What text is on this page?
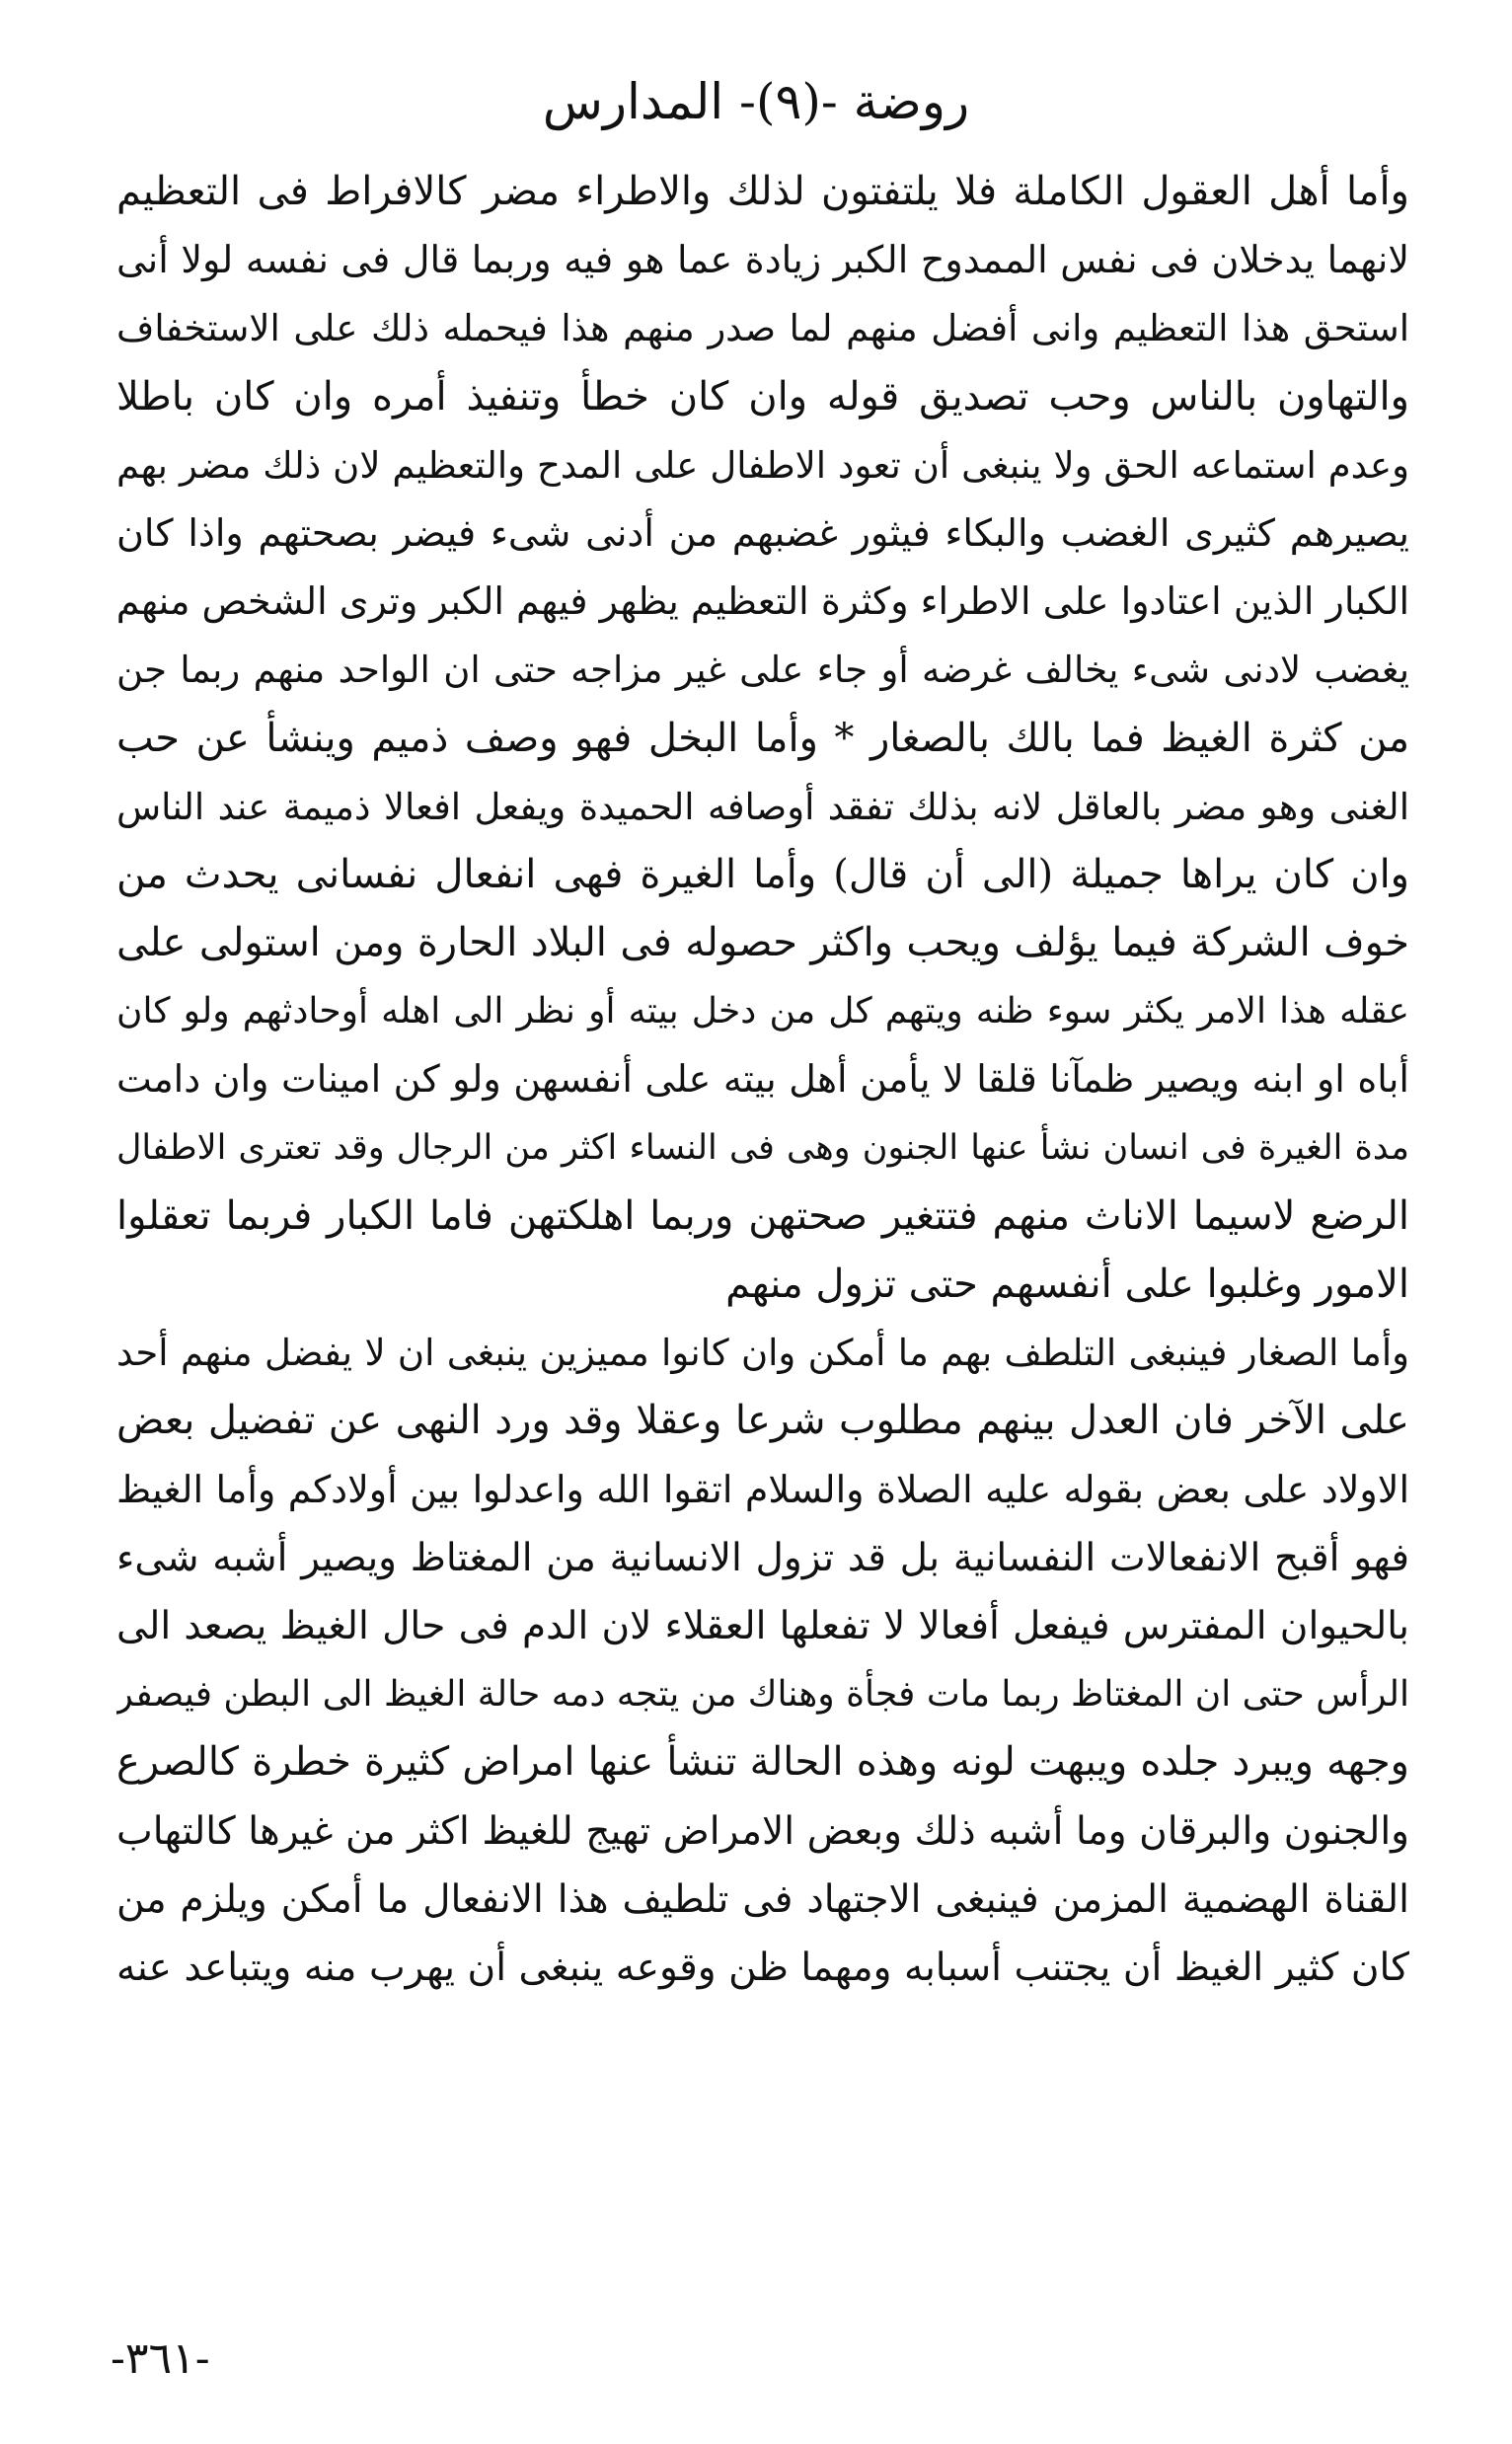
روضة -(٩)- المدارس
وأما أهل العقول الكاملة فلا يلتفتون لذلك والاطراء مضر كالافراط فى التعظيم
لانهما يدخلان فى نفس الممدوح الكبر زيادة عما هو فيه وربما قال فى نفسه لولا أنى
استحق هذا التعظيم وانى أفضل منهم لما صدر منهم هذا فيحمله ذلك على الاستخفاف
والتهاون بالناس وحب تصديق قوله وان كان خطأ وتنفيذ أمره وان كان باطلا
وعدم استماعه الحق ولا ينبغى أن تعود الاطفال على المدح والتعظيم لان ذلك مضر بهم
يصيرهم كثيرى الغضب والبكاء فيثور غضبهم من أدنى شىء فيضر بصحتهم واذا كان
الكبار الذين اعتادوا على الاطراء وكثرة التعظيم يظهر فيهم الكبر وترى الشخص منهم
يغضب لادنى شىء يخالف غرضه أو جاء على غير مزاجه حتى ان الواحد منهم ربما جن
من كثرة الغيظ فما بالك بالصغار * وأما البخل فهو وصف ذميم وينشأ عن حب
الغنى وهو مضر بالعاقل لانه بذلك تفقد أوصافه الحميدة ويفعل افعالا ذميمة عند الناس
وان كان يراها جميلة (الى أن قال) وأما الغيرة فهى انفعال نفسانى يحدث من
خوف الشركة فيما يؤلف ويحب واكثر حصوله فى البلاد الحارة ومن استولى على
عقله هذا الامر يكثر سوء ظنه ويتهم كل من دخل بيته أو نظر الى اهله أوحادثهم ولو كان
أباه او ابنه ويصير ظمآنا قلقا لا يأمن أهل بيته على أنفسهن ولو كن امينات وان دامت
مدة الغيرة فى انسان نشأ عنها الجنون وهى فى النساء اكثر من الرجال وقد تعترى الاطفال
الرضع لاسيما الاناث منهم فتتغير صحتهن وربما اهلكتهن فاما الكبار فربما تعقلوا
الامور وغلبوا على أنفسهم حتى تزول منهم
وأما الصغار فينبغى التلطف بهم ما أمكن وان كانوا مميزين ينبغى ان لا يفضل منهم أحد
على الآخر فان العدل بينهم مطلوب شرعا وعقلا وقد ورد النهى عن تفضيل بعض
الاولاد على بعض بقوله عليه الصلاة والسلام اتقوا الله واعدلوا بين أولادكم وأما الغيظ
فهو أقبح الانفعالات النفسانية بل قد تزول الانسانية من المغتاظ ويصير أشبه شىء
بالحيوان المفترس فيفعل أفعالا لا تفعلها العقلاء لان الدم فى حال الغيظ يصعد الى
الرأس حتى ان المغتاظ ربما مات فجأة وهناك من يتجه دمه حالة الغيظ الى البطن فيصفر
وجهه ويبرد جلده ويبهت لونه وهذه الحالة تنشأ عنها امراض كثيرة خطرة كالصرع
والجنون والبرقان وما أشبه ذلك وبعض الامراض تهيج للغيظ اكثر من غيرها كالتهاب
القناة الهضمية المزمن فينبغى الاجتهاد فى تلطيف هذا الانفعال ما أمكن ويلزم من
كان كثير الغيظ أن يجتنب أسبابه ومهما ظن وقوعه ينبغى أن يهرب منه ويتباعد عنه
-٣٦١-
